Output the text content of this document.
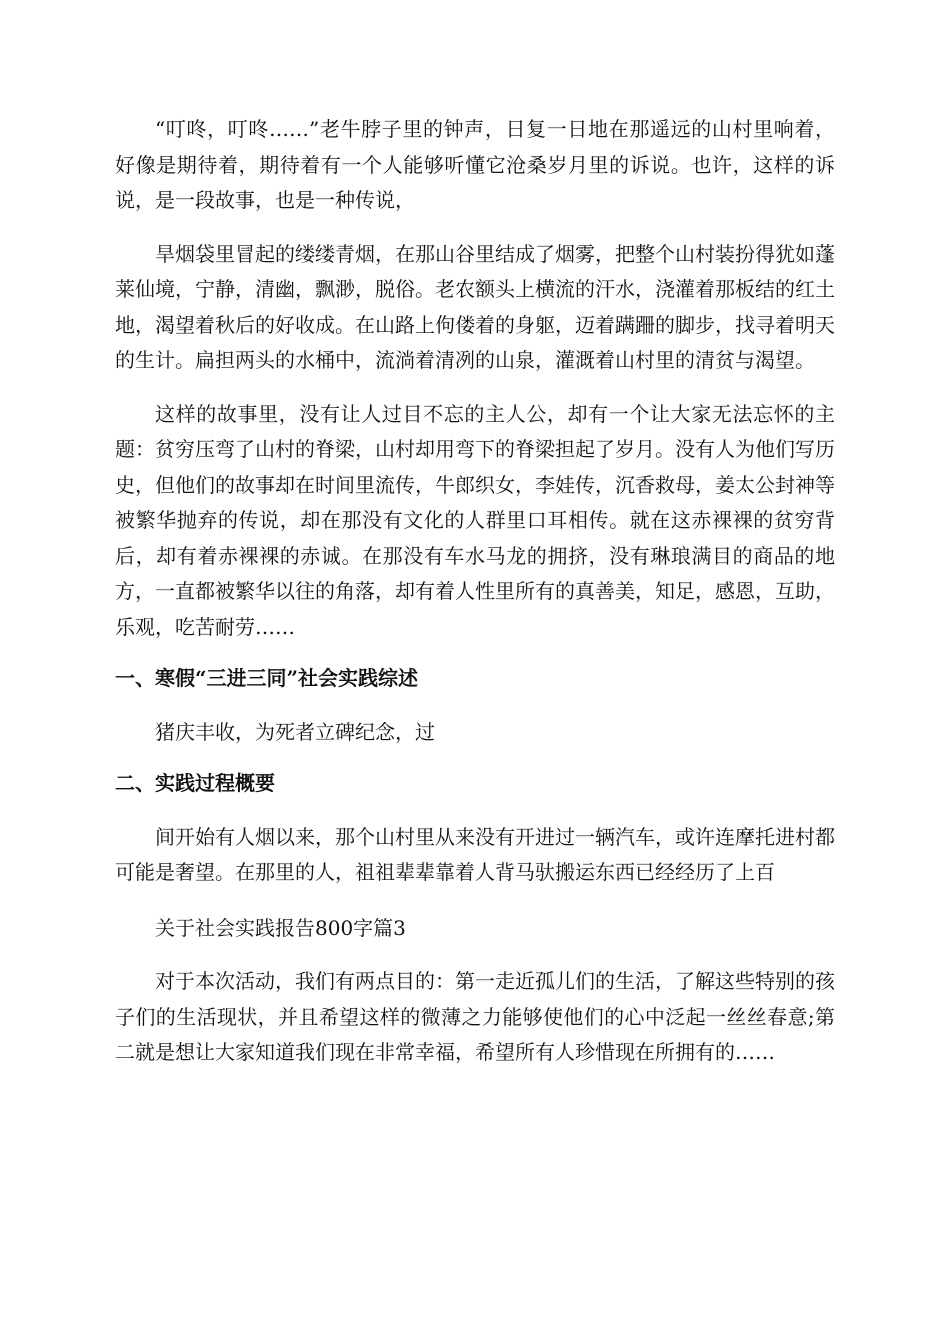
“叮咚，叮咚……”老牛脖子里的钟声，日复一日地在那遥远的山村里响着，好像是期待着，期待着有一个人能够听懂它沧桑岁月里的诉说。也许，这样的诉说，是一段故事，也是一种传说，

旱烟袋里冒起的缕缕青烟，在那山谷里结成了烟雾，把整个山村装扮得犹如蓬莱仙境，宁静，清幽，飘渺，脱俗。老农额头上横流的汗水，浇灌着那板结的红土地，渴望着秋后的好收成。在山路上佝偻着的身躯，迈着蹒跚的脚步，找寻着明天的生计。扁担两头的水桶中，流淌着清冽的山泉，灌溉着山村里的清贫与渴望。

这样的故事里，没有让人过目不忘的主人公，却有一个让大家无法忘怀的主题：贫穷压弯了山村的脊梁，山村却用弯下的脊梁担起了岁月。没有人为他们写历史，但他们的故事却在时间里流传，牛郎织女，李娃传，沉香救母，姜太公封神等被繁华抛弃的传说，却在那没有文化的人群里口耳相传。就在这赤裸裸的贫穷背后，却有着赤裸裸的赤诚。在那没有车水马龙的拥挤，没有琳琅满目的商品的地方，一直都被繁华以往的角落，却有着人性里所有的真善美，知足，感恩，互助，乐观，吃苦耐劳……

一、寒假“三进三同”社会实践综述

猪庆丰收，为死者立碑纪念，过

二、实践过程概要

间开始有人烟以来，那个山村里从来没有开进过一辆汽车，或许连摩托进村都可能是奢望。在那里的人，祖祖辈辈靠着人背马驮搬运东西已经经历了上百

关于社会实践报告800字篇3

对于本次活动，我们有两点目的：第一走近孤儿们的生活，了解这些特别的孩子们的生活现状，并且希望这样的微薄之力能够使他们的心中泛起一丝丝春意;第二就是想让大家知道我们现在非常幸福，希望所有人珍惜现在所拥有的……
